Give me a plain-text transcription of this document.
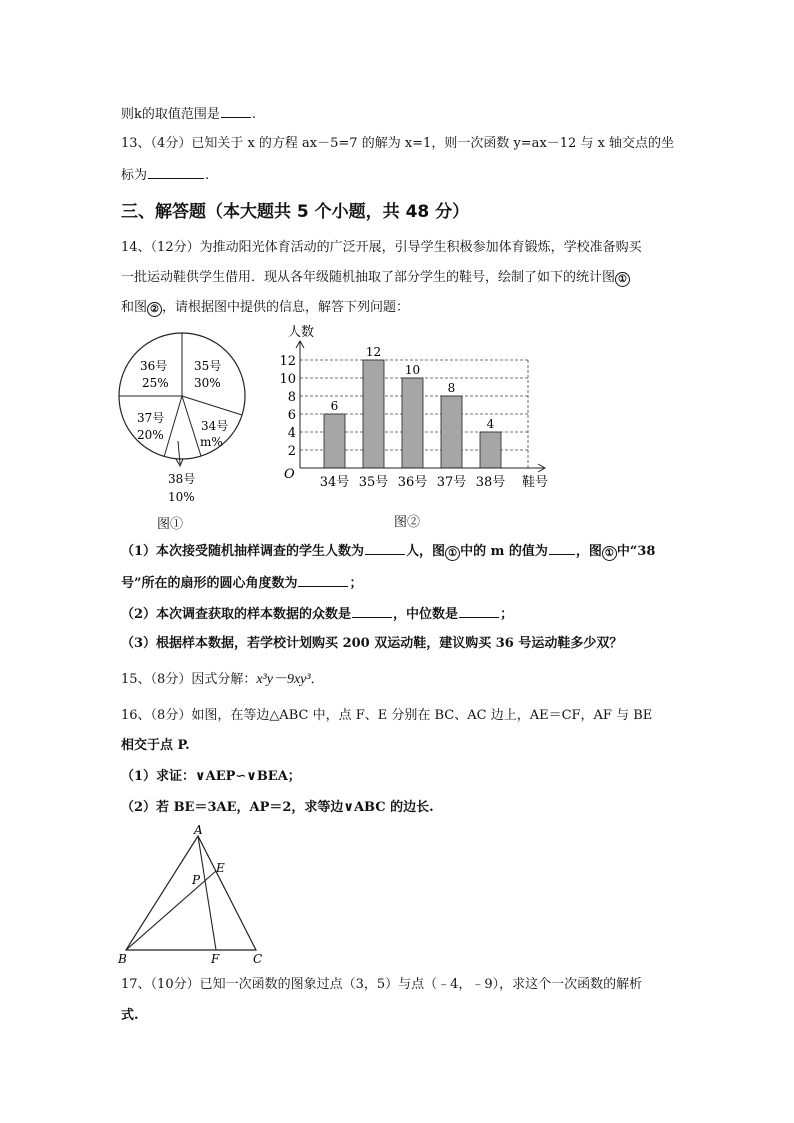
则k的取值范围是 .
13、（4分）已知关于 x 的方程 ax－5=7 的解为 x=1，则一次函数 y=ax－12 与 x 轴交点的坐
标为	.
三、解答题（本大题共 5 个小题，共 48 分）
14、（12分）为推动阳光体育活动的广泛开展，引导学生积极参加体育锻炼，学校准备购买
一批运动鞋供学生借用．现从各年级随机抽取了部分学生的鞋号，绘制了如下的统计图 ①
和图 ② ，请根据图中提供的信息，解答下列问题：
35号
30%
36号
25%
34号
m%
37号
20%
38号
10%
图①
人数
鞋号
O
2
4
6
8
10
12
6
34号
12
35号
10
36号
8
37号
4
38号
图②
（1）本次接受随机抽样调查的学生人数为	人，图 ① 中的 m 的值为 ，图 ① 中“38
号”所在的扇形的圆心角度数为	；
（2）本次调查获取的样本数据的众数是	，中位数是	；
（3）根据样本数据，若学校计划购买 200 双运动鞋，建议购买 36 号运动鞋多少双？
15、（8分）因式分解：x³y－9xy³．
16、（8分）如图，在等边△ABC 中，点 F、E 分别在 BC、AC 边上，AE＝CF，AF 与 BE
相交于点 P.
（1）求证：∨AEP∽∨BEA；
（2）若 BE＝3AE，AP＝2，求等边∨ABC 的边长.
A
E
P
B	F	C
17、（10分）已知一次函数的图象过点（3，5）与点（﹣4，﹣9），求这个一次函数的解析
式.
